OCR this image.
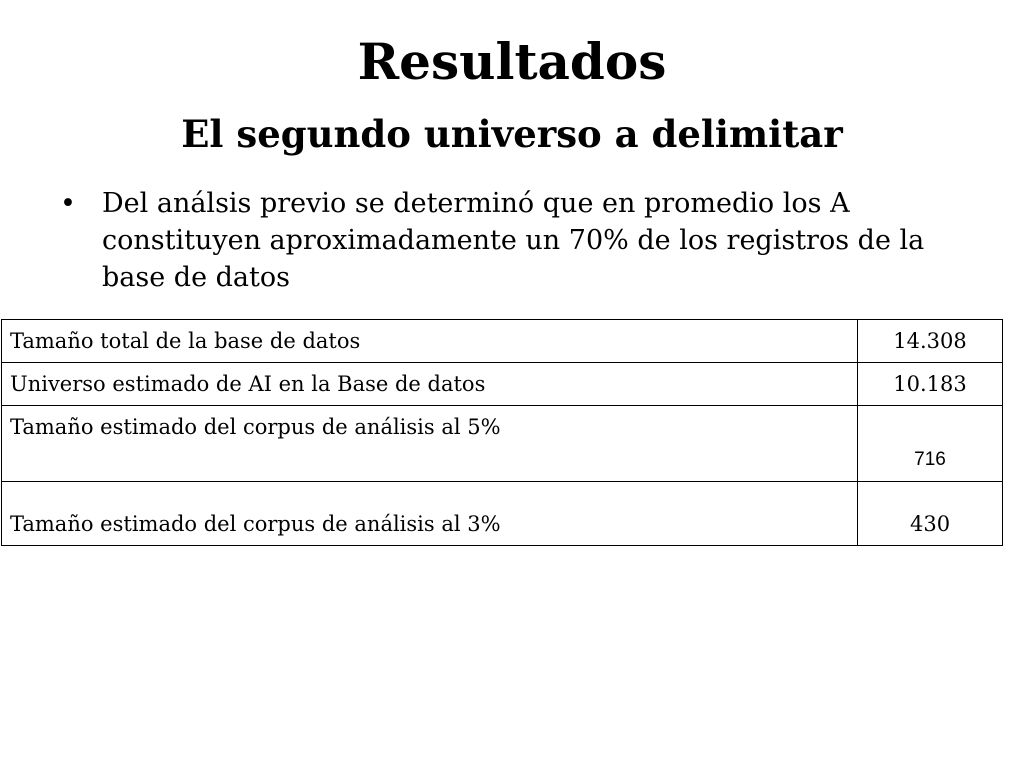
Resultados
El segundo universo a delimitar
• Del análsis previo se determinó que en promedio los A constituyen aproximadamente un 70% de los registros de la base de datos
Tamaño total de la base de datos	14.308
Universo estimado de AI en la Base de datos	10.183
Tamaño estimado del corpus de análisis al 5%	716
Tamaño estimado del corpus de análisis al 3%	430
